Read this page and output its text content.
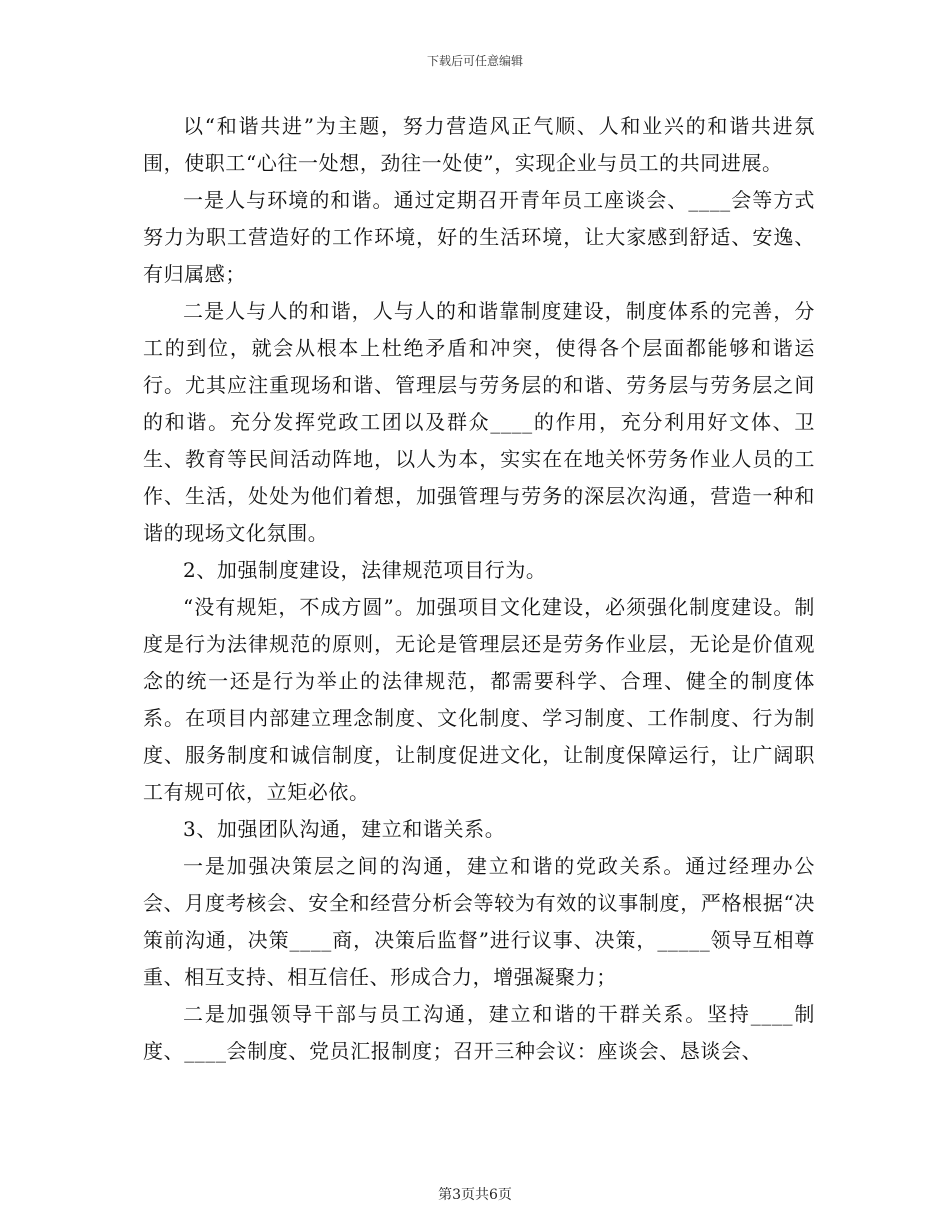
下载后可任意编辑

以“和谐共进”为主题，努力营造风正气顺、人和业兴的和谐共进氛围，使职工“心往一处想，劲往一处使”，实现企业与员工的共同进展。

一是人与环境的和谐。通过定期召开青年员工座谈会、____会等方式努力为职工营造好的工作环境，好的生活环境，让大家感到舒适、安逸、有归属感；

二是人与人的和谐，人与人的和谐靠制度建设，制度体系的完善，分工的到位，就会从根本上杜绝矛盾和冲突，使得各个层面都能够和谐运行。尤其应注重现场和谐、管理层与劳务层的和谐、劳务层与劳务层之间的和谐。充分发挥党政工团以及群众____的作用，充分利用好文体、卫生、教育等民间活动阵地，以人为本，实实在在地关怀劳务作业人员的工作、生活，处处为他们着想，加强管理与劳务的深层次沟通，营造一种和谐的现场文化氛围。

2、加强制度建设，法律规范项目行为。

“没有规矩，不成方圆”。加强项目文化建设，必须强化制度建设。制度是行为法律规范的原则，无论是管理层还是劳务作业层，无论是价值观念的统一还是行为举止的法律规范，都需要科学、合理、健全的制度体系。在项目内部建立理念制度、文化制度、学习制度、工作制度、行为制度、服务制度和诚信制度，让制度促进文化，让制度保障运行，让广阔职工有规可依，立矩必依。

3、加强团队沟通，建立和谐关系。

一是加强决策层之间的沟通，建立和谐的党政关系。通过经理办公会、月度考核会、安全和经营分析会等较为有效的议事制度，严格根据“决策前沟通，决策____商，决策后监督”进行议事、决策，_____领导互相尊重、相互支持、相互信任、形成合力，增强凝聚力；

二是加强领导干部与员工沟通，建立和谐的干群关系。坚持____制度、____会制度、党员汇报制度；召开三种会议：座谈会、恳谈会、

第3页共6页
